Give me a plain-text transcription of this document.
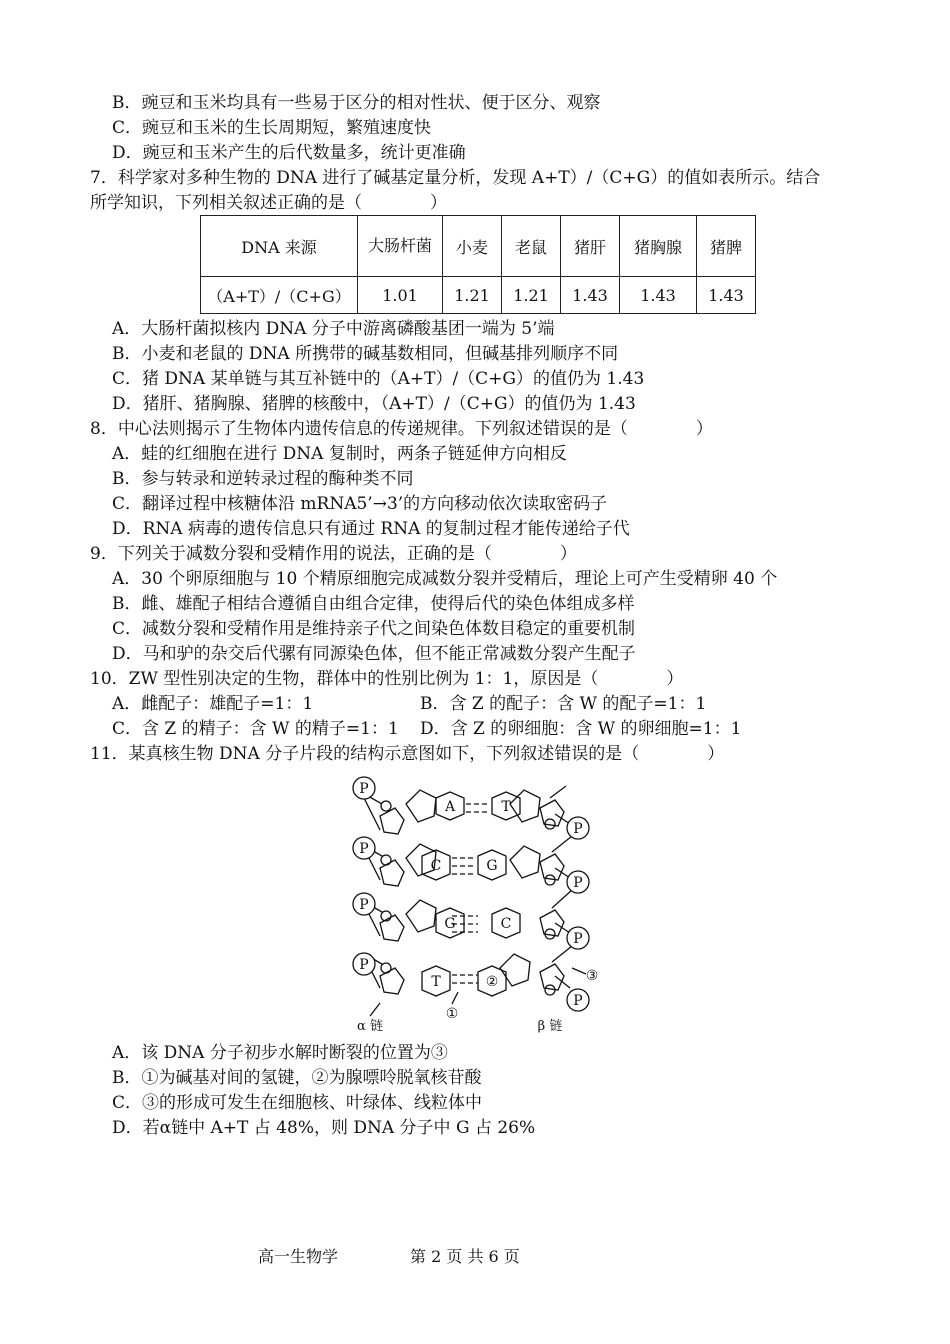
B．豌豆和玉米均具有一些易于区分的相对性状、便于区分、观察
C．豌豆和玉米的生长周期短，繁殖速度快
D．豌豆和玉米产生的后代数量多，统计更准确
7．科学家对多种生物的 DNA 进行了碱基定量分析，发现 A+T）/（C+G）的值如表所示。结合
所学知识，下列相关叙述正确的是（　　　　）
DNA 来源	大肠杆菌	小麦	老鼠	猪肝	猪胸腺	猪脾
（A+T）/（C+G）	1.01	1.21	1.21	1.43	1.43	1.43
A．大肠杆菌拟核内 DNA 分子中游离磷酸基团一端为 5’端
B．小麦和老鼠的 DNA 所携带的碱基数相同，但碱基排列顺序不同
C．猪 DNA 某单链与其互补链中的（A+T）/（C+G）的值仍为 1.43
D．猪肝、猪胸腺、猪脾的核酸中，（A+T）/（C+G）的值仍为 1.43
8．中心法则揭示了生物体内遗传信息的传递规律。下列叙述错误的是（　　　　）
A．蛙的红细胞在进行 DNA 复制时，两条子链延伸方向相反
B．参与转录和逆转录过程的酶种类不同
C．翻译过程中核糖体沿 mRNA5’→3’的方向移动依次读取密码子
D．RNA 病毒的遗传信息只有通过 RNA 的复制过程才能传递给子代
9．下列关于减数分裂和受精作用的说法，正确的是（　　　　）
A．30 个卵原细胞与 10 个精原细胞完成减数分裂并受精后，理论上可产生受精卵 40 个
B．雌、雄配子相结合遵循自由组合定律，使得后代的染色体组成多样
C．减数分裂和受精作用是维持亲子代之间染色体数目稳定的重要机制
D．马和驴的杂交后代骡有同源染色体，但不能正常减数分裂产生配子
10．ZW 型性别决定的生物，群体中的性别比例为 1：1，原因是（　　　　）
A．雌配子：雄配子=1：1	B．含 Z 的配子：含 W 的配子=1：1
C．含 Z 的精子：含 W 的精子=1：1 D．含 Z 的卵细胞：含 W 的卵细胞=1：1
11．某真核生物 DNA 分子片段的结构示意图如下，下列叙述错误的是（　　　　）
P
P
P
P
P
P
P
P
A
C
G
T
T
G
C
②
①
③
α 链	β 链
A．该 DNA 分子初步水解时断裂的位置为③
B．①为碱基对间的氢键，②为腺嘌呤脱氧核苷酸
C．③的形成可发生在细胞核、叶绿体、线粒体中
D．若α链中 A+T 占 48%，则 DNA 分子中 G 占 26%
高一生物学	第 2 页 共 6 页
